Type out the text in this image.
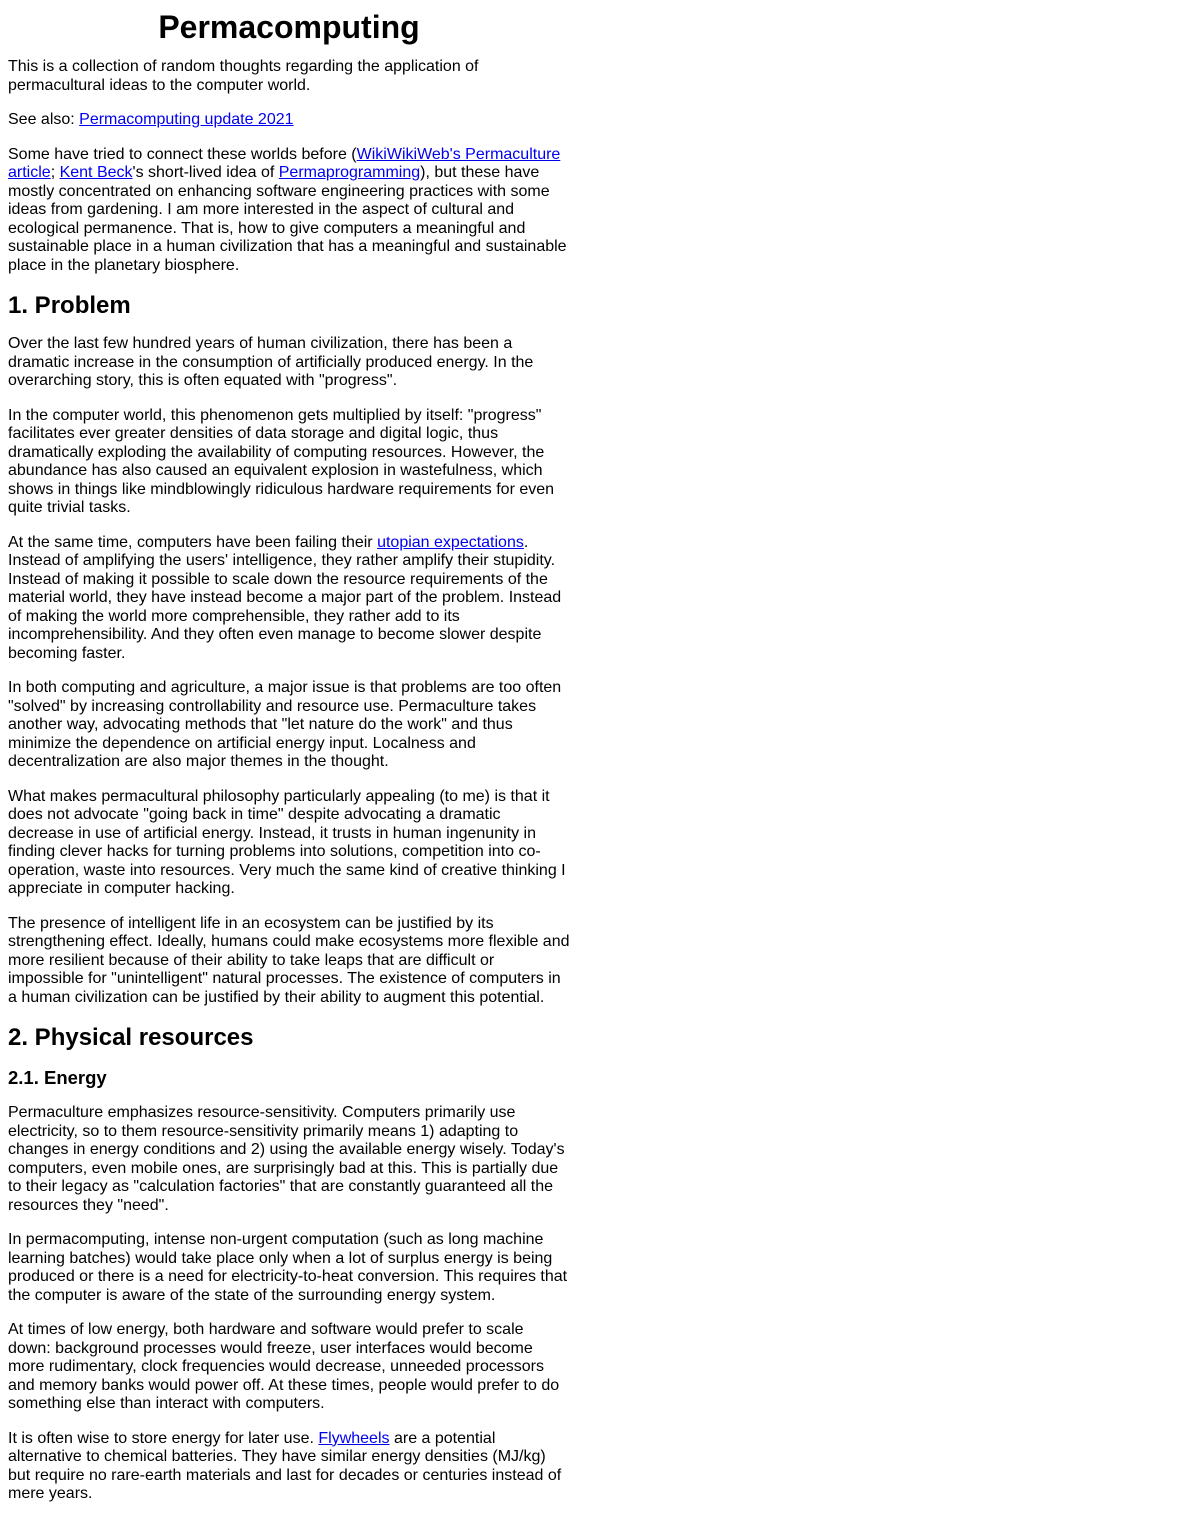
Permacomputing

This is a collection of random thoughts regarding the application of permacultural ideas to the computer world.

See also: Permacomputing update 2021

Some have tried to connect these worlds before (WikiWikiWeb's Permaculture article; Kent Beck's short-lived idea of Permaprogramming), but these have mostly concentrated on enhancing software engineering practices with some ideas from gardening. I am more interested in the aspect of cultural and ecological permanence. That is, how to give computers a meaningful and sustainable place in a human civilization that has a meaningful and sustainable place in the planetary biosphere.

1. Problem

Over the last few hundred years of human civilization, there has been a dramatic increase in the consumption of artificially produced energy. In the overarching story, this is often equated with "progress".

In the computer world, this phenomenon gets multiplied by itself: "progress" facilitates ever greater densities of data storage and digital logic, thus dramatically exploding the availability of computing resources. However, the abundance has also caused an equivalent explosion in wastefulness, which shows in things like mindblowingly ridiculous hardware requirements for even quite trivial tasks.

At the same time, computers have been failing their utopian expectations. Instead of amplifying the users' intelligence, they rather amplify their stupidity. Instead of making it possible to scale down the resource requirements of the material world, they have instead become a major part of the problem. Instead of making the world more comprehensible, they rather add to its incomprehensibility. And they often even manage to become slower despite becoming faster.

In both computing and agriculture, a major issue is that problems are too often "solved" by increasing controllability and resource use. Permaculture takes another way, advocating methods that "let nature do the work" and thus minimize the dependence on artificial energy input. Localness and decentralization are also major themes in the thought.

What makes permacultural philosophy particularly appealing (to me) is that it does not advocate "going back in time" despite advocating a dramatic decrease in use of artificial energy. Instead, it trusts in human ingenunity in finding clever hacks for turning problems into solutions, competition into co-operation, waste into resources. Very much the same kind of creative thinking I appreciate in computer hacking.

The presence of intelligent life in an ecosystem can be justified by its strengthening effect. Ideally, humans could make ecosystems more flexible and more resilient because of their ability to take leaps that are difficult or impossible for "unintelligent" natural processes. The existence of computers in a human civilization can be justified by their ability to augment this potential.

2. Physical resources
2.1. Energy

Permaculture emphasizes resource-sensitivity. Computers primarily use electricity, so to them resource-sensitivity primarily means 1) adapting to changes in energy conditions and 2) using the available energy wisely. Today's computers, even mobile ones, are surprisingly bad at this. This is partially due to their legacy as "calculation factories" that are constantly guaranteed all the resources they "need".

In permacomputing, intense non-urgent computation (such as long machine learning batches) would take place only when a lot of surplus energy is being produced or there is a need for electricity-to-heat conversion. This requires that the computer is aware of the state of the surrounding energy system.

At times of low energy, both hardware and software would prefer to scale down: background processes would freeze, user interfaces would become more rudimentary, clock frequencies would decrease, unneeded processors and memory banks would power off. At these times, people would prefer to do something else than interact with computers.

It is often wise to store energy for later use. Flywheels are a potential alternative to chemical batteries. They have similar energy densities (MJ/kg) but require no rare-earth materials and last for decades or centuries instead of mere years.
